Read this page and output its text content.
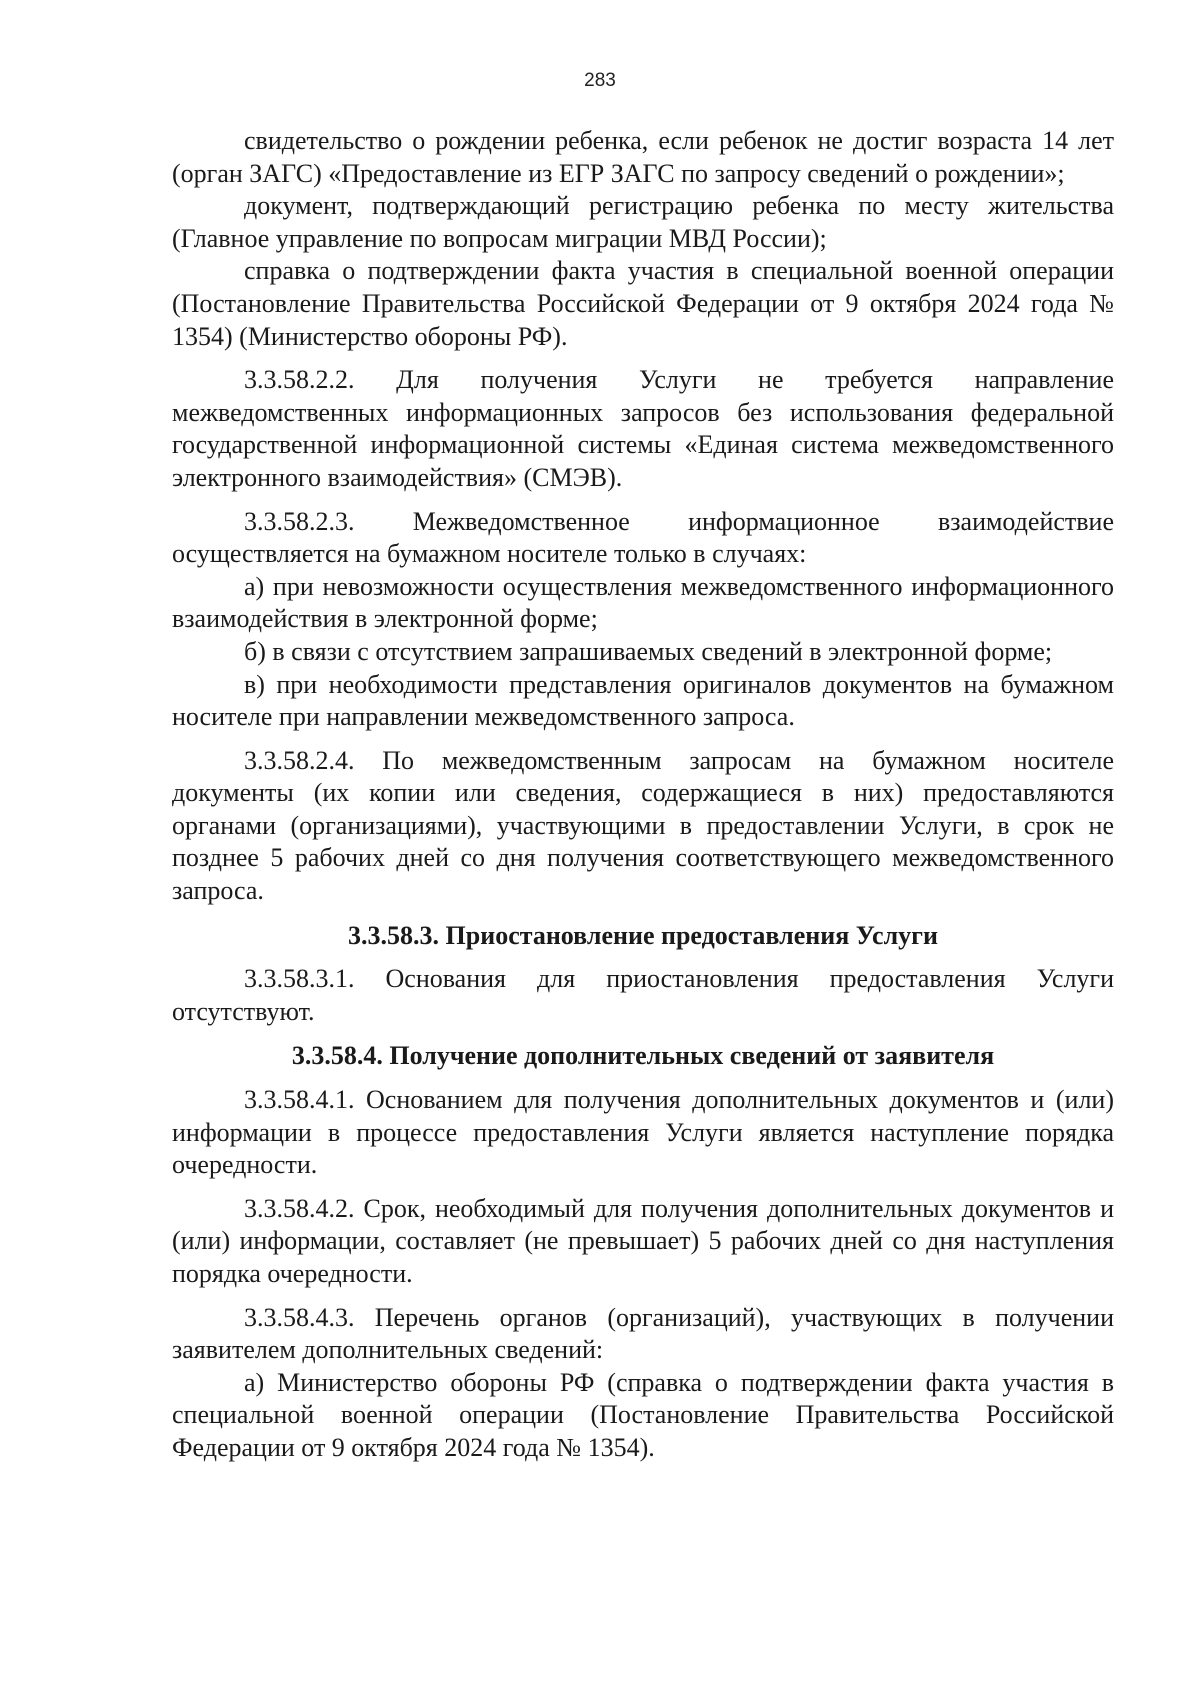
283

свидетельство о рождении ребенка, если ребенок не достиг возраста 14 лет (орган ЗАГС) «Предоставление из ЕГР ЗАГС по запросу сведений о рождении»;

документ, подтверждающий регистрацию ребенка по месту жительства (Главное управление по вопросам миграции МВД России);

справка о подтверждении факта участия в специальной военной операции (Постановление Правительства Российской Федерации от 9 октября 2024 года № 1354) (Министерство обороны РФ).

3.3.58.2.2. Для получения Услуги не требуется направление межведомственных информационных запросов без использования федеральной государственной информационной системы «Единая система межведомственного электронного взаимодействия» (СМЭВ).

3.3.58.2.3. Межведомственное информационное взаимодействие осуществляется на бумажном носителе только в случаях:

а) при невозможности осуществления межведомственного информационного взаимодействия в электронной форме;

б) в связи с отсутствием запрашиваемых сведений в электронной форме;

в) при необходимости представления оригиналов документов на бумажном носителе при направлении межведомственного запроса.

3.3.58.2.4. По межведомственным запросам на бумажном носителе документы (их копии или сведения, содержащиеся в них) предоставляются органами (организациями), участвующими в предоставлении Услуги, в срок не позднее 5 рабочих дней со дня получения соответствующего межведомственного запроса.

3.3.58.3. Приостановление предоставления Услуги

3.3.58.3.1. Основания для приостановления предоставления Услуги отсутствуют.

3.3.58.4. Получение дополнительных сведений от заявителя

3.3.58.4.1. Основанием для получения дополнительных документов и (или) информации в процессе предоставления Услуги является наступление порядка очередности.

3.3.58.4.2. Срок, необходимый для получения дополнительных документов и (или) информации, составляет (не превышает) 5 рабочих дней со дня наступления порядка очередности.

3.3.58.4.3. Перечень органов (организаций), участвующих в получении заявителем дополнительных сведений:

а) Министерство обороны РФ (справка о подтверждении факта участия в специальной военной операции (Постановление Правительства Российской Федерации от 9 октября 2024 года № 1354).
